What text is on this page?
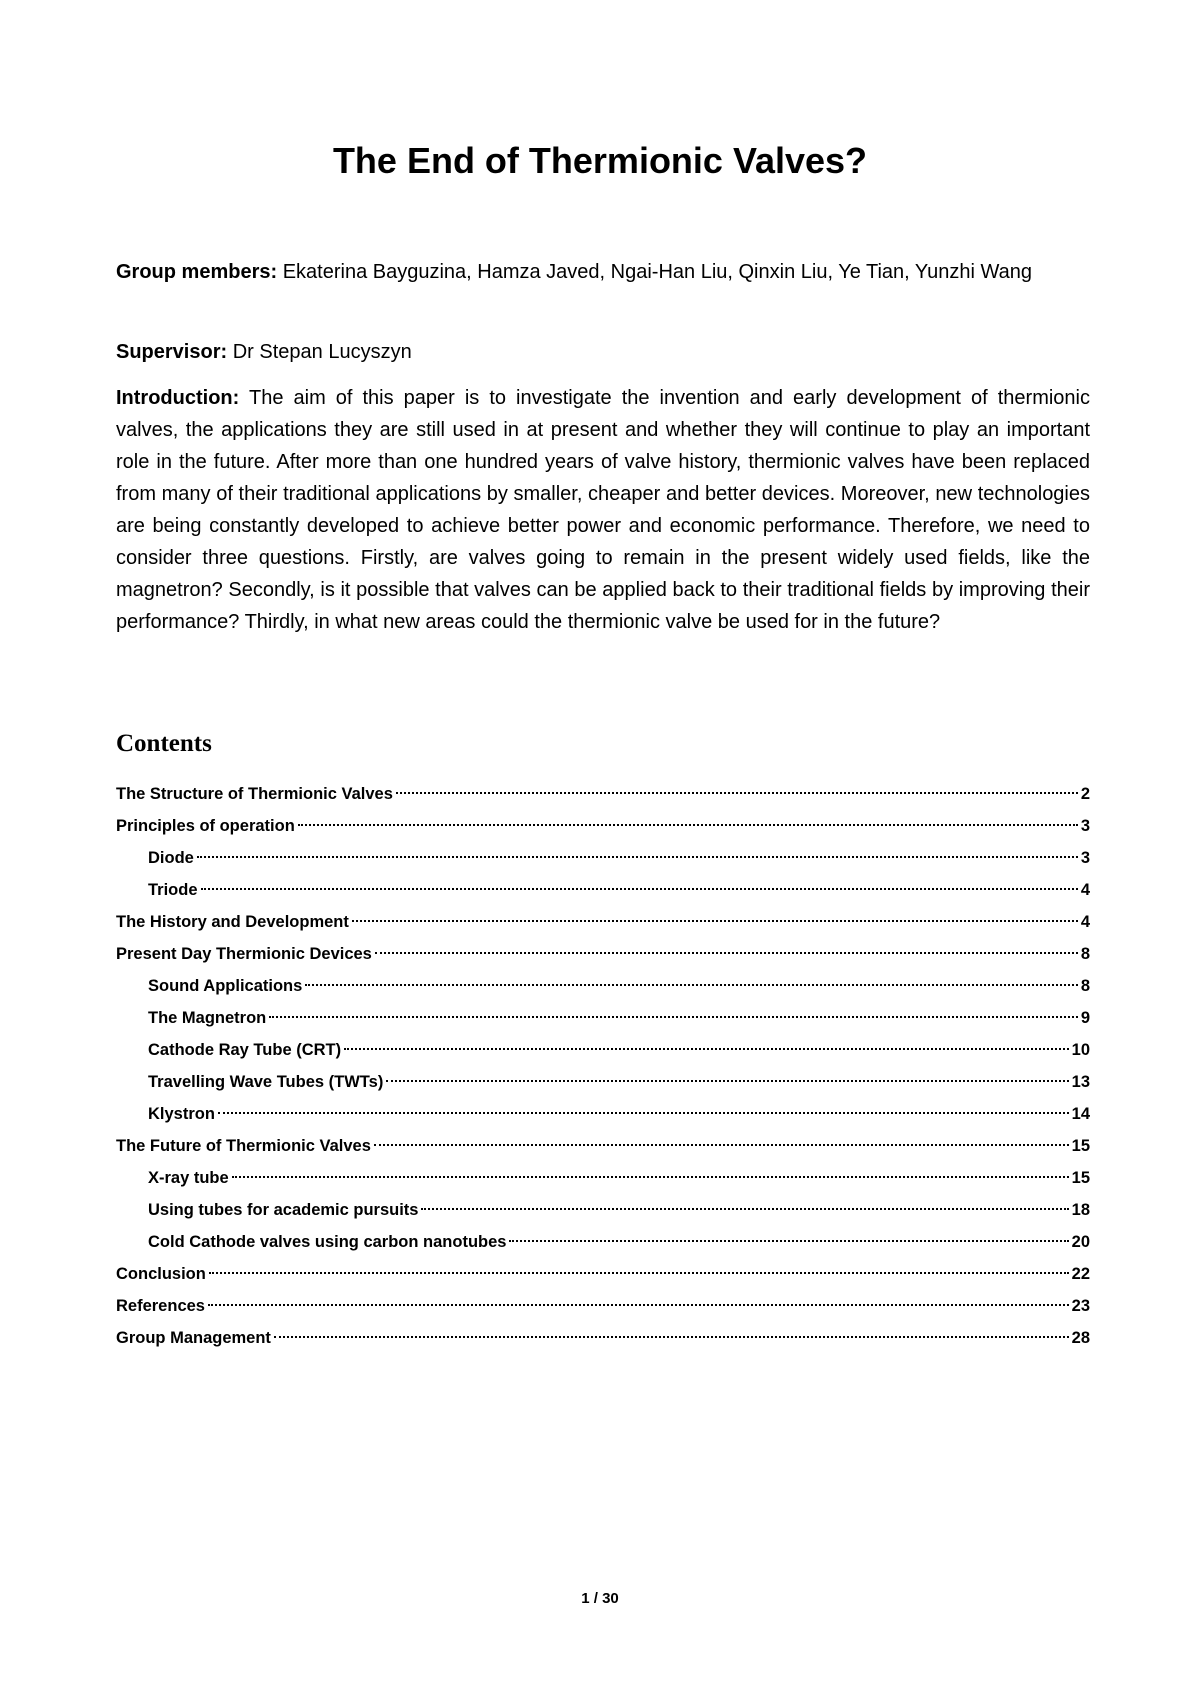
The End of Thermionic Valves?
Group members: Ekaterina Bayguzina, Hamza Javed, Ngai-Han Liu, Qinxin Liu, Ye Tian, Yunzhi Wang
Supervisor: Dr Stepan Lucyszyn
Introduction: The aim of this paper is to investigate the invention and early development of thermionic valves, the applications they are still used in at present and whether they will continue to play an important role in the future. After more than one hundred years of valve history, thermionic valves have been replaced from many of their traditional applications by smaller, cheaper and better devices. Moreover, new technologies are being constantly developed to achieve better power and economic performance. Therefore, we need to consider three questions. Firstly, are valves going to remain in the present widely used fields, like the magnetron? Secondly, is it possible that valves can be applied back to their traditional fields by improving their performance? Thirdly, in what new areas could the thermionic valve be used for in the future?
Contents
The Structure of Thermionic Valves	2
Principles of operation	3
Diode	3
Triode	4
The History and Development	4
Present Day Thermionic Devices	8
Sound Applications	8
The Magnetron	9
Cathode Ray Tube (CRT)	10
Travelling Wave Tubes (TWTs)	13
Klystron	14
The Future of Thermionic Valves	15
X-ray tube	15
Using tubes for academic pursuits	18
Cold Cathode valves using carbon nanotubes	20
Conclusion	22
References	23
Group Management	28
1 / 30
